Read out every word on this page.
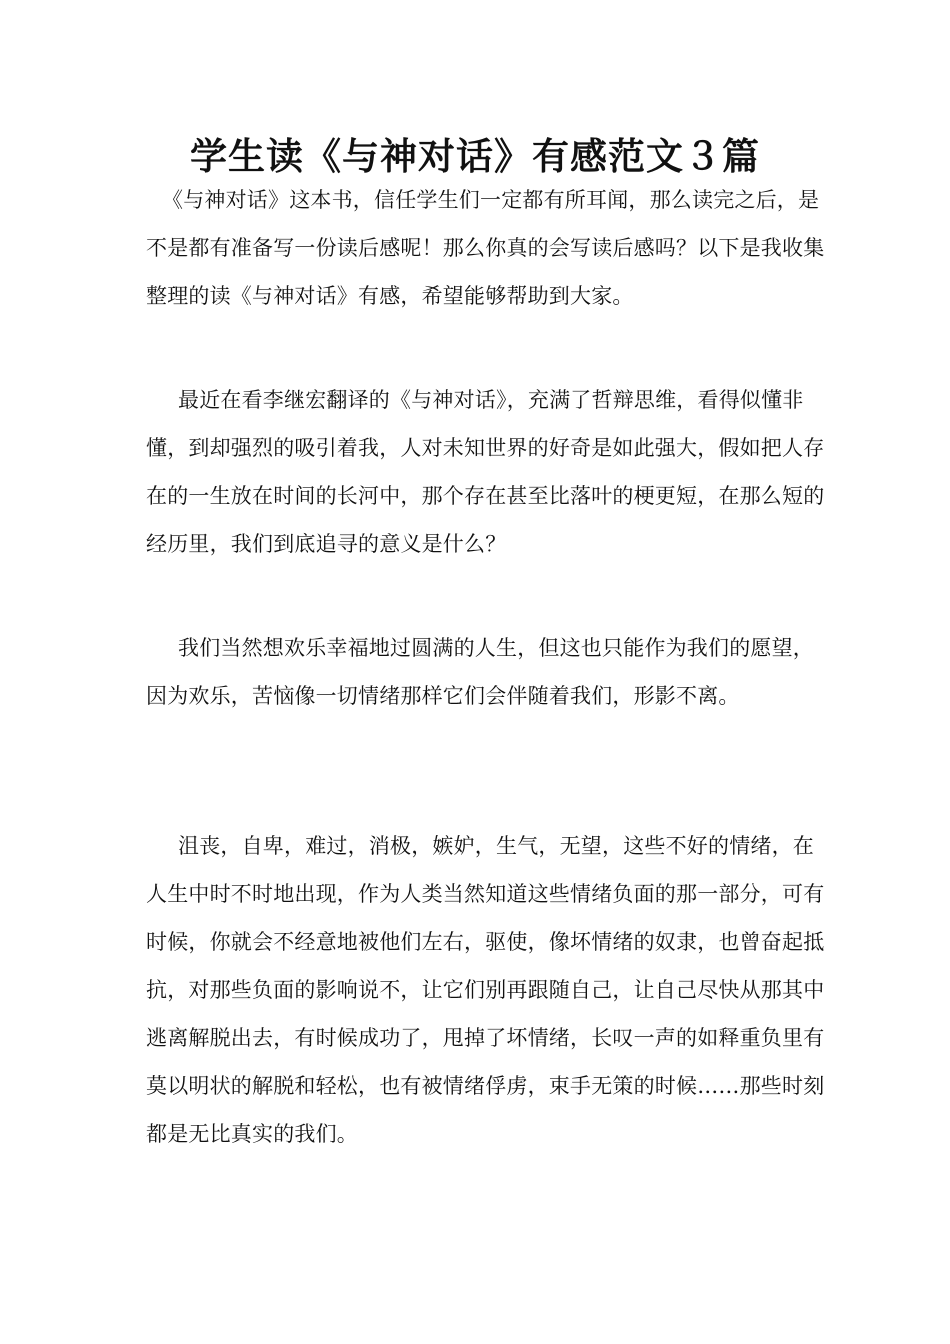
学生读《与神对话》有感范文３篇

《与神对话》这本书，信任学生们一定都有所耳闻，那么读完之后，是不是都有准备写一份读后感呢！那么你真的会写读后感吗？以下是我收集整理的读《与神对话》有感，希望能够帮助到大家。

最近在看李继宏翻译的《与神对话》，充满了哲辩思维，看得似懂非懂，到却强烈的吸引着我，人对未知世界的好奇是如此强大，假如把人存在的一生放在时间的长河中，那个存在甚至比落叶的梗更短，在那么短的经历里，我们到底追寻的意义是什么？

我们当然想欢乐幸福地过圆满的人生，但这也只能作为我们的愿望，因为欢乐，苦恼像一切情绪那样它们会伴随着我们，形影不离。

沮丧，自卑，难过，消极，嫉妒，生气，无望，这些不好的情绪，在人生中时不时地出现，作为人类当然知道这些情绪负面的那一部分，可有时候，你就会不经意地被他们左右，驱使，像坏情绪的奴隶，也曾奋起抵抗，对那些负面的影响说不，让它们别再跟随自己，让自己尽快从那其中逃离解脱出去，有时候成功了，甩掉了坏情绪，长叹一声的如释重负里有莫以明状的解脱和轻松，也有被情绪俘虏，束手无策的时候……那些时刻都是无比真实的我们。
